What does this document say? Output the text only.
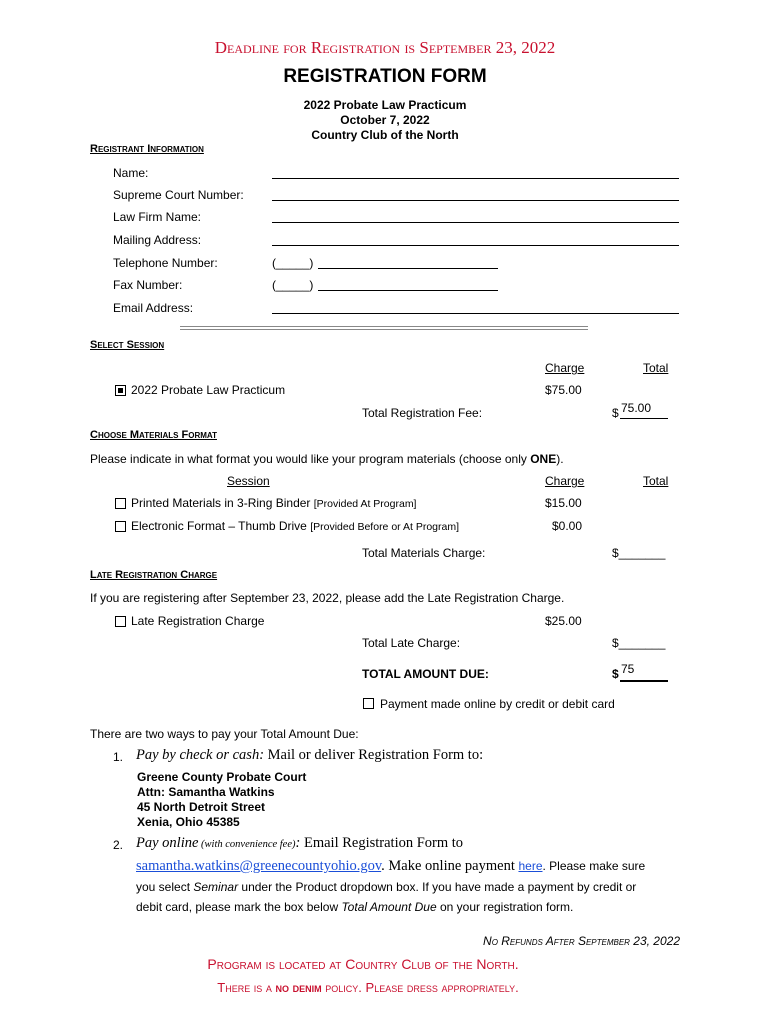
Deadline for Registration is September 23, 2022
REGISTRATION FORM
2022 Probate Law Practicum
October 7, 2022
Country Club of the North
Registrant Information
Name:
Supreme Court Number:
Law Firm Name:
Mailing Address:
Telephone Number:	(_____)
Fax Number:	(_____)
Email Address:
Select Session
Charge	Total
2022 Probate Law Practicum	$75.00
Total Registration Fee:	$ 75.00
Choose Materials Format
Please indicate in what format you would like your program materials (choose only ONE).
Session	Charge	Total
Printed Materials in 3-Ring Binder [Provided At Program]	$15.00
Electronic Format – Thumb Drive [Provided Before or At Program]	$0.00
Total Materials Charge:	$_______
Late Registration Charge
If you are registering after September 23, 2022, please add the Late Registration Charge.
Late Registration Charge	$25.00
Total Late Charge:	$_______
TOTAL AMOUNT DUE:	$ 75
Payment made online by credit or debit card
There are two ways to pay your Total Amount Due:
1. Pay by check or cash: Mail or deliver Registration Form to:
Greene County Probate Court
Attn: Samantha Watkins
45 North Detroit Street
Xenia, Ohio 45385
2. Pay online (with convenience fee): Email Registration Form to
samantha.watkins@greenecountyohio.gov. Make online payment here. Please make sure
you select Seminar under the Product dropdown box. If you have made a payment by credit or
debit card, please mark the box below Total Amount Due on your registration form.
No Refunds After September 23, 2022
Program is located at Country Club of the North.
There is a no denim policy. Please dress appropriately.
